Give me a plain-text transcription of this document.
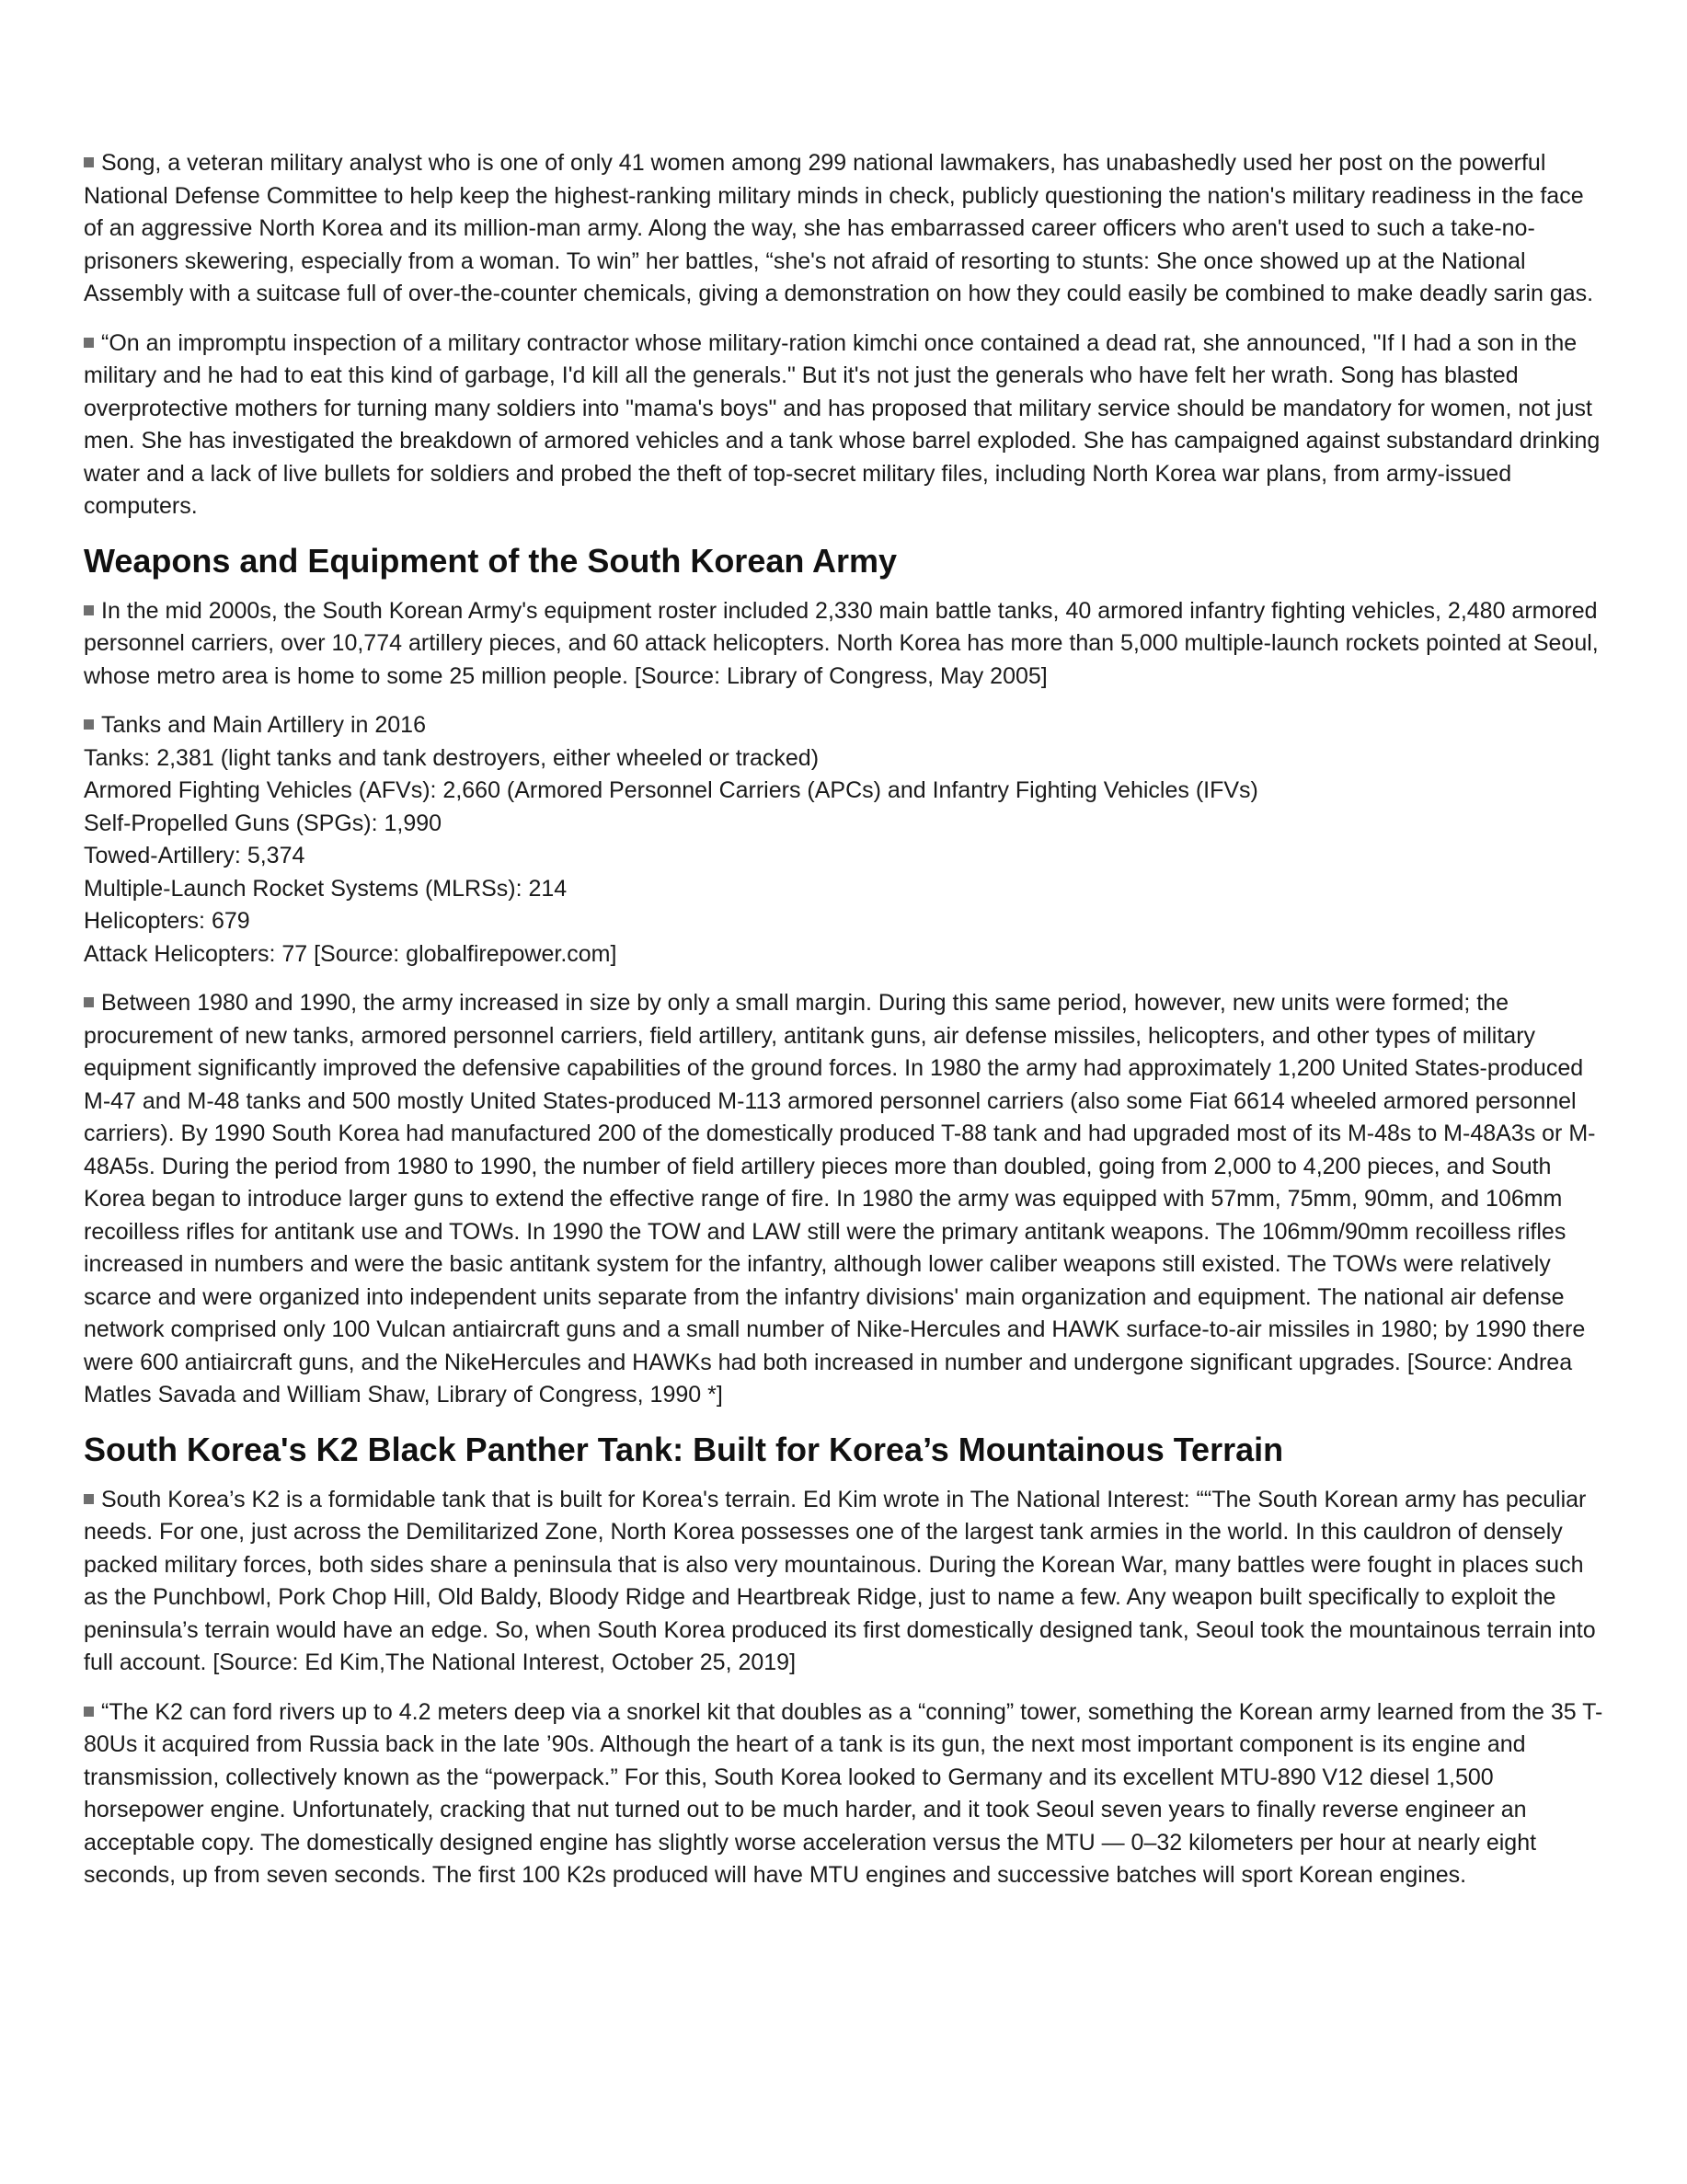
Song, a veteran military analyst who is one of only 41 women among 299 national lawmakers, has unabashedly used her post on the powerful National Defense Committee to help keep the highest-ranking military minds in check, publicly questioning the nation's military readiness in the face of an aggressive North Korea and its million-man army. Along the way, she has embarrassed career officers who aren't used to such a take-no-prisoners skewering, especially from a woman. To win” her battles, “she's not afraid of resorting to stunts: She once showed up at the National Assembly with a suitcase full of over-the-counter chemicals, giving a demonstration on how they could easily be combined to make deadly sarin gas.

“On an impromptu inspection of a military contractor whose military-ration kimchi once contained a dead rat, she announced, "If I had a son in the military and he had to eat this kind of garbage, I'd kill all the generals." But it's not just the generals who have felt her wrath. Song has blasted overprotective mothers for turning many soldiers into "mama's boys" and has proposed that military service should be mandatory for women, not just men. She has investigated the breakdown of armored vehicles and a tank whose barrel exploded. She has campaigned against substandard drinking water and a lack of live bullets for soldiers and probed the theft of top-secret military files, including North Korea war plans, from army-issued computers.

Weapons and Equipment of the South Korean Army

In the mid 2000s, the South Korean Army's equipment roster included 2,330 main battle tanks, 40 armored infantry fighting vehicles, 2,480 armored personnel carriers, over 10,774 artillery pieces, and 60 attack helicopters. North Korea has more than 5,000 multiple-launch rockets pointed at Seoul, whose metro area is home to some 25 million people. [Source: Library of Congress, May 2005]

Tanks and Main Artillery in 2016
Tanks: 2,381 (light tanks and tank destroyers, either wheeled or tracked)
Armored Fighting Vehicles (AFVs): 2,660 (Armored Personnel Carriers (APCs) and Infantry Fighting Vehicles (IFVs)
Self-Propelled Guns (SPGs): 1,990
Towed-Artillery: 5,374
Multiple-Launch Rocket Systems (MLRSs): 214
Helicopters: 679
Attack Helicopters: 77 [Source: globalfirepower.com]

Between 1980 and 1990, the army increased in size by only a small margin. During this same period, however, new units were formed; the procurement of new tanks, armored personnel carriers, field artillery, antitank guns, air defense missiles, helicopters, and other types of military equipment significantly improved the defensive capabilities of the ground forces. In 1980 the army had approximately 1,200 United States-produced M-47 and M-48 tanks and 500 mostly United States-produced M-113 armored personnel carriers (also some Fiat 6614 wheeled armored personnel carriers). By 1990 South Korea had manufactured 200 of the domestically produced T-88 tank and had upgraded most of its M-48s to M-48A3s or M-48A5s. During the period from 1980 to 1990, the number of field artillery pieces more than doubled, going from 2,000 to 4,200 pieces, and South Korea began to introduce larger guns to extend the effective range of fire. In 1980 the army was equipped with 57mm, 75mm, 90mm, and 106mm recoilless rifles for antitank use and TOWs. In 1990 the TOW and LAW still were the primary antitank weapons. The 106mm/90mm recoilless rifles increased in numbers and were the basic antitank system for the infantry, although lower caliber weapons still existed. The TOWs were relatively scarce and were organized into independent units separate from the infantry divisions' main organization and equipment. The national air defense network comprised only 100 Vulcan antiaircraft guns and a small number of Nike-Hercules and HAWK surface-to-air missiles in 1980; by 1990 there were 600 antiaircraft guns, and the NikeHercules and HAWKs had both increased in number and undergone significant upgrades. [Source: Andrea Matles Savada and William Shaw, Library of Congress, 1990 *]

South Korea's K2 Black Panther Tank: Built for Korea’s Mountainous Terrain

South Korea’s K2 is a formidable tank that is built for Korea's terrain. Ed Kim wrote in The National Interest: ““The South Korean army has peculiar needs. For one, just across the Demilitarized Zone, North Korea possesses one of the largest tank armies in the world. In this cauldron of densely packed military forces, both sides share a peninsula that is also very mountainous. During the Korean War, many battles were fought in places such as the Punchbowl, Pork Chop Hill, Old Baldy, Bloody Ridge and Heartbreak Ridge, just to name a few. Any weapon built specifically to exploit the peninsula’s terrain would have an edge. So, when South Korea produced its first domestically designed tank, Seoul took the mountainous terrain into full account. [Source: Ed Kim,The National Interest, October 25, 2019]

“The K2 can ford rivers up to 4.2 meters deep via a snorkel kit that doubles as a “conning” tower, something the Korean army learned from the 35 T-80Us it acquired from Russia back in the late ’90s. Although the heart of a tank is its gun, the next most important component is its engine and transmission, collectively known as the “powerpack.” For this, South Korea looked to Germany and its excellent MTU-890 V12 diesel 1,500 horsepower engine. Unfortunately, cracking that nut turned out to be much harder, and it took Seoul seven years to finally reverse engineer an acceptable copy. The domestically designed engine has slightly worse acceleration versus the MTU — 0–32 kilometers per hour at nearly eight seconds, up from seven seconds. The first 100 K2s produced will have MTU engines and successive batches will sport Korean engines.
